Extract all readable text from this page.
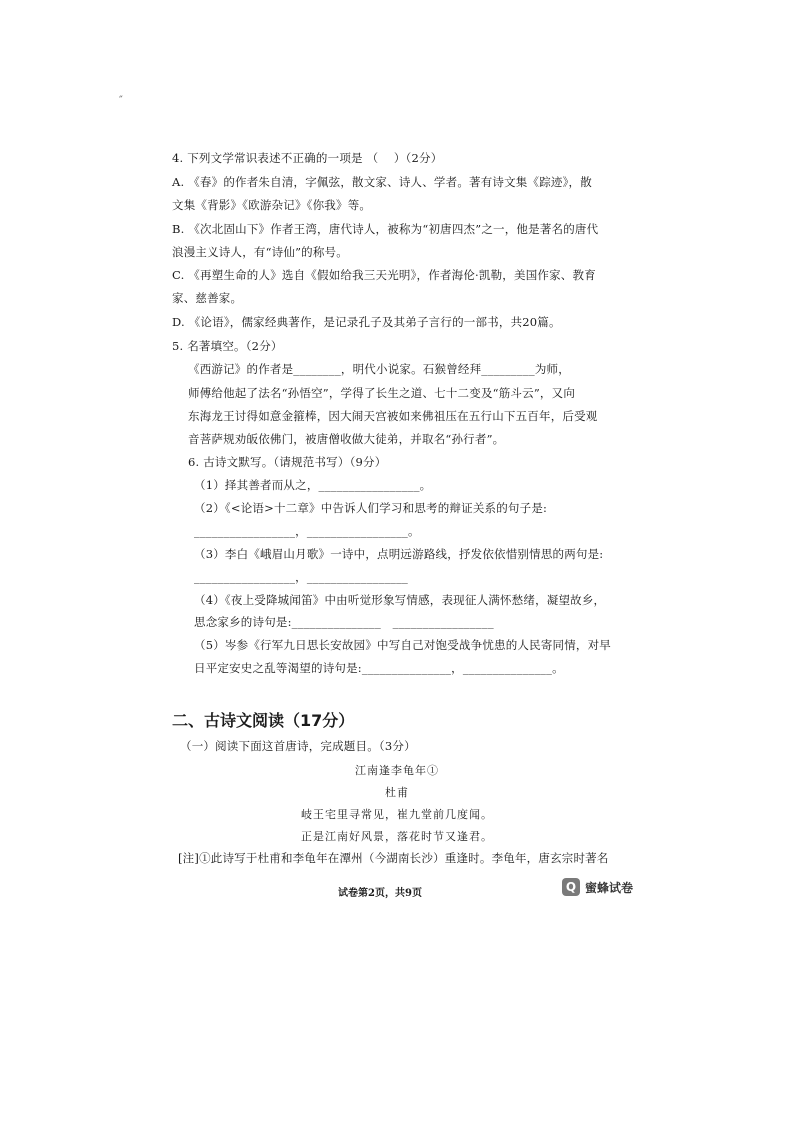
˝
4. 下列文学常识表述不正确的一项是 （　 ）（2分）
A. 《春》的作者朱自清，字佩弦，散文家、诗人、学者。著有诗文集《踪迹》，散
文集《背影》《欧游杂记》《你我》等。
B. 《次北固山下》作者王湾，唐代诗人，被称为“初唐四杰”之一，他是著名的唐代
浪漫主义诗人，有“诗仙”的称号。
C. 《再塑生命的人》选自《假如给我三天光明》，作者海伦·凯勒，美国作家、教育
家、慈善家。
D. 《论语》，儒家经典著作，是记录孔子及其弟子言行的一部书，共20篇。
5. 名著填空。（2分）
《西游记》的作者是________，明代小说家。石猴曾经拜_________为师，
师傅给他起了法名“孙悟空”，学得了长生之道、七十二变及“筋斗云”，又向
东海龙王讨得如意金箍棒，因大闹天宫被如来佛祖压在五行山下五百年，后受观
音菩萨规劝皈依佛门，被唐僧收做大徒弟，并取名“孙行者”。
6. 古诗文默写。（请规范书写）（9分）
（1）择其善者而从之，_________________。
（2）《<论语>十二章》中告诉人们学习和思考的辩证关系的句子是:
_________________，_________________。
（3）李白《峨眉山月歌》一诗中，点明远游路线，抒发依依惜别情思的两句是:
_________________，_________________
（4）《夜上受降城闻笛》中由听觉形象写情感，表现征人满怀愁绪，凝望故乡，
思念家乡的诗句是:_______________　_________________
（5）岑参《行军九日思长安故园》中写自己对饱受战争忧患的人民寄同情，对早
日平定安史之乱等渴望的诗句是:_______________，_______________。
二、古诗文阅读（17分）
（一）阅读下面这首唐诗，完成题目。（3分）
江南逢李龟年①
杜甫
岐王宅里寻常见，崔九堂前几度闻。
正是江南好风景，落花时节又逢君。
[注]①此诗写于杜甫和李龟年在潭州（今湖南长沙）重逢时。李龟年，唐玄宗时著名
试卷第2页，共9页	Q 蜜蜂试卷
